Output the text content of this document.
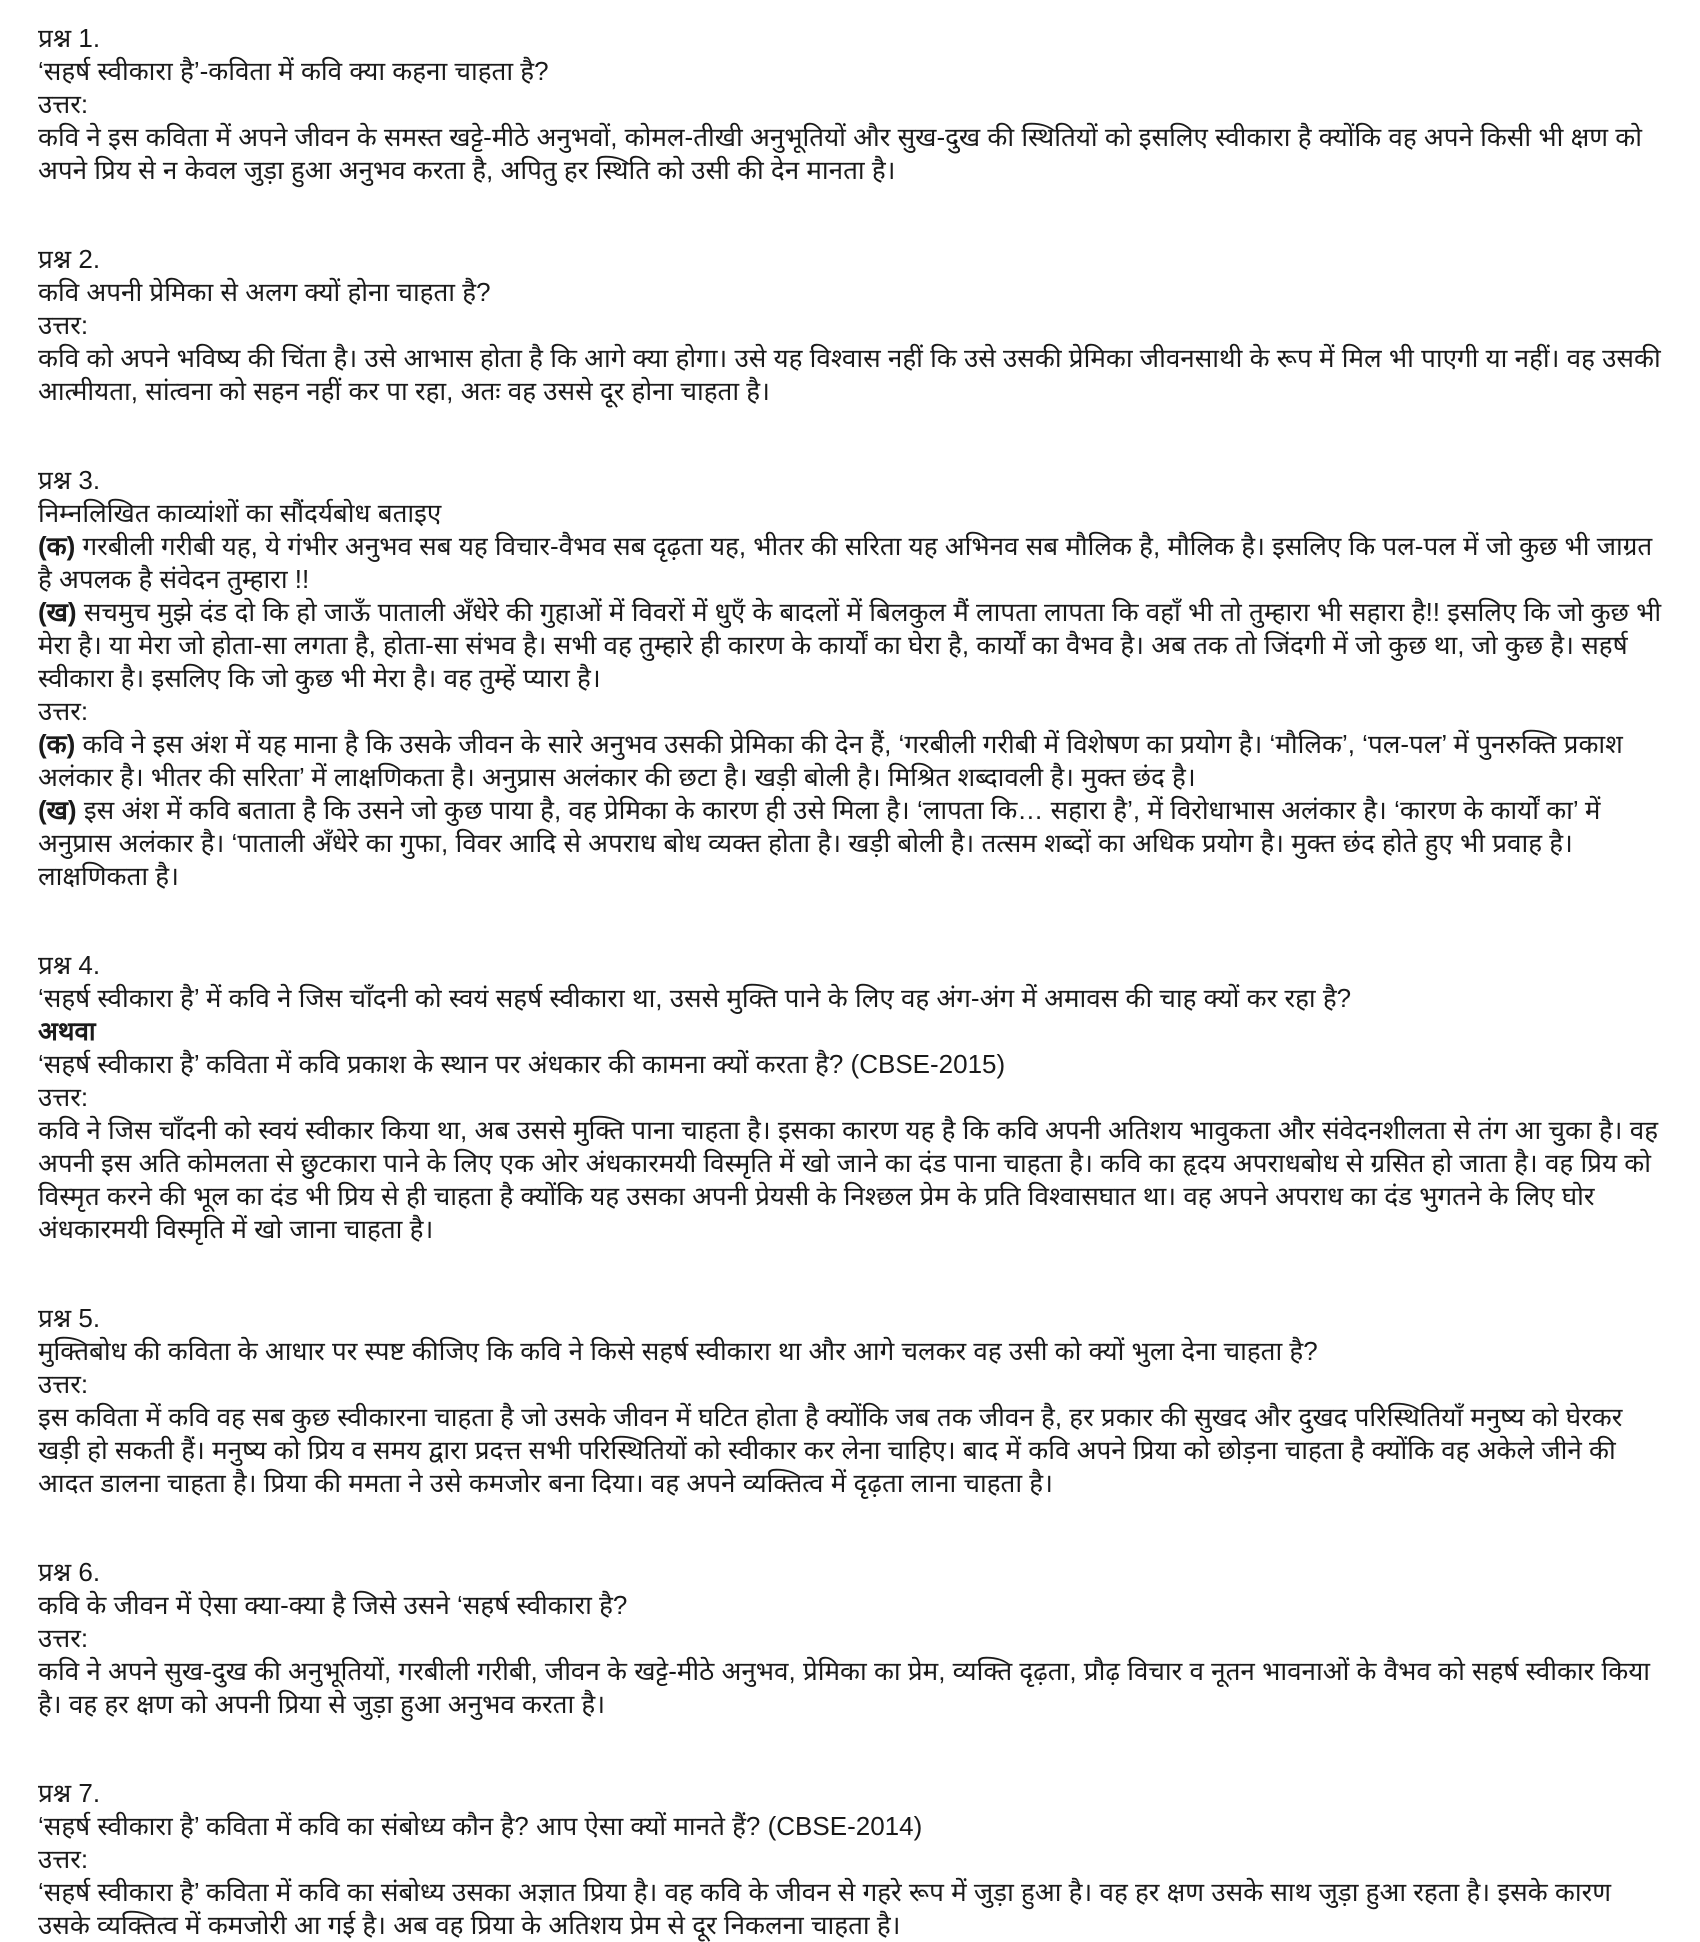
प्रश्न 1.
‘सहर्ष स्वीकारा है’-कविता में कवि क्या कहना चाहता है?
उत्तर:
कवि ने इस कविता में अपने जीवन के समस्त खट्टे-मीठे अनुभवों, कोमल-तीखी अनुभूतियों और सुख-दुख की स्थितियों को इसलिए स्वीकारा है क्योंकि वह अपने किसी भी क्षण को अपने प्रिय से न केवल जुड़ा हुआ अनुभव करता है, अपितु हर स्थिति को उसी की देन मानता है।
प्रश्न 2.
कवि अपनी प्रेमिका से अलग क्यों होना चाहता है?
उत्तर:
कवि को अपने भविष्य की चिंता है। उसे आभास होता है कि आगे क्या होगा। उसे यह विश्वास नहीं कि उसे उसकी प्रेमिका जीवनसाथी के रूप में मिल भी पाएगी या नहीं। वह उसकी आत्मीयता, सांत्वना को सहन नहीं कर पा रहा, अतः वह उससे दूर होना चाहता है।
प्रश्न 3.
निम्नलिखित काव्यांशों का सौंदर्यबोध बताइए
(क) गरबीली गरीबी यह, ये गंभीर अनुभव सब यह विचार-वैभव सब दृढ़ता यह, भीतर की सरिता यह अभिनव सब मौलिक है, मौलिक है। इसलिए कि पल-पल में जो कुछ भी जाग्रत है अपलक है संवेदन तुम्हारा !!
(ख) सचमुच मुझे दंड दो कि हो जाऊँ पाताली अँधेरे की गुहाओं में विवरों में धुएँ के बादलों में बिलकुल मैं लापता लापता कि वहाँ भी तो तुम्हारा भी सहारा है!! इसलिए कि जो कुछ भी मेरा है। या मेरा जो होता-सा लगता है, होता-सा संभव है। सभी वह तुम्हारे ही कारण के कार्यों का घेरा है, कार्यों का वैभव है। अब तक तो जिंदगी में जो कुछ था, जो कुछ है। सहर्ष स्वीकारा है। इसलिए कि जो कुछ भी मेरा है। वह तुम्हें प्यारा है।
उत्तर:
(क) कवि ने इस अंश में यह माना है कि उसके जीवन के सारे अनुभव उसकी प्रेमिका की देन हैं, ‘गरबीली गरीबी में विशेषण का प्रयोग है। ‘मौलिक’, ‘पल-पल’ में पुनरुक्ति प्रकाश अलंकार है। भीतर की सरिता’ में लाक्षणिकता है। अनुप्रास अलंकार की छटा है। खड़ी बोली है। मिश्रित शब्दावली है। मुक्त छंद है।
(ख) इस अंश में कवि बताता है कि उसने जो कुछ पाया है, वह प्रेमिका के कारण ही उसे मिला है। ‘लापता कि… सहारा है’, में विरोधाभास अलंकार है। ‘कारण के कार्यों का’ में अनुप्रास अलंकार है। ‘पाताली अँधेरे का गुफा, विवर आदि से अपराध बोध व्यक्त होता है। खड़ी बोली है। तत्सम शब्दों का अधिक प्रयोग है। मुक्त छंद होते हुए भी प्रवाह है। लाक्षणिकता है।
प्रश्न 4.
‘सहर्ष स्वीकारा है’ में कवि ने जिस चाँदनी को स्वयं सहर्ष स्वीकारा था, उससे मुक्ति पाने के लिए वह अंग-अंग में अमावस की चाह क्यों कर रहा है?
अथवा
‘सहर्ष स्वीकारा है’ कविता में कवि प्रकाश के स्थान पर अंधकार की कामना क्यों करता है? (CBSE-2015)
उत्तर:
कवि ने जिस चाँदनी को स्वयं स्वीकार किया था, अब उससे मुक्ति पाना चाहता है। इसका कारण यह है कि कवि अपनी अतिशय भावुकता और संवेदनशीलता से तंग आ चुका है। वह अपनी इस अति कोमलता से छुटकारा पाने के लिए एक ओर अंधकारमयी विस्मृति में खो जाने का दंड पाना चाहता है। कवि का हृदय अपराधबोध से ग्रसित हो जाता है। वह प्रिय को विस्मृत करने की भूल का दंड भी प्रिय से ही चाहता है क्योंकि यह उसका अपनी प्रेयसी के निश्छल प्रेम के प्रति विश्वासघात था। वह अपने अपराध का दंड भुगतने के लिए घोर अंधकारमयी विस्मृति में खो जाना चाहता है।
प्रश्न 5.
मुक्तिबोध की कविता के आधार पर स्पष्ट कीजिए कि कवि ने किसे सहर्ष स्वीकारा था और आगे चलकर वह उसी को क्यों भुला देना चाहता है?
उत्तर:
इस कविता में कवि वह सब कुछ स्वीकारना चाहता है जो उसके जीवन में घटित होता है क्योंकि जब तक जीवन है, हर प्रकार की सुखद और दुखद परिस्थितियाँ मनुष्य को घेरकर खड़ी हो सकती हैं। मनुष्य को प्रिय व समय द्वारा प्रदत्त सभी परिस्थितियों को स्वीकार कर लेना चाहिए। बाद में कवि अपने प्रिया को छोड़ना चाहता है क्योंकि वह अकेले जीने की आदत डालना चाहता है। प्रिया की ममता ने उसे कमजोर बना दिया। वह अपने व्यक्तित्व में दृढ़ता लाना चाहता है।
प्रश्न 6.
कवि के जीवन में ऐसा क्या-क्या है जिसे उसने ‘सहर्ष स्वीकारा है?
उत्तर:
कवि ने अपने सुख-दुख की अनुभूतियों, गरबीली गरीबी, जीवन के खट्टे-मीठे अनुभव, प्रेमिका का प्रेम, व्यक्ति दृढ़ता, प्रौढ़ विचार व नूतन भावनाओं के वैभव को सहर्ष स्वीकार किया है। वह हर क्षण को अपनी प्रिया से जुड़ा हुआ अनुभव करता है।
प्रश्न 7.
‘सहर्ष स्वीकारा है’ कविता में कवि का संबोध्य कौन है? आप ऐसा क्यों मानते हैं? (CBSE-2014)
उत्तर:
‘सहर्ष स्वीकारा है’ कविता में कवि का संबोध्य उसका अज्ञात प्रिया है। वह कवि के जीवन से गहरे रूप में जुड़ा हुआ है। वह हर क्षण उसके साथ जुड़ा हुआ रहता है। इसके कारण उसके व्यक्तित्व में कमजोरी आ गई है। अब वह प्रिया के अतिशय प्रेम से दूर निकलना चाहता है।
